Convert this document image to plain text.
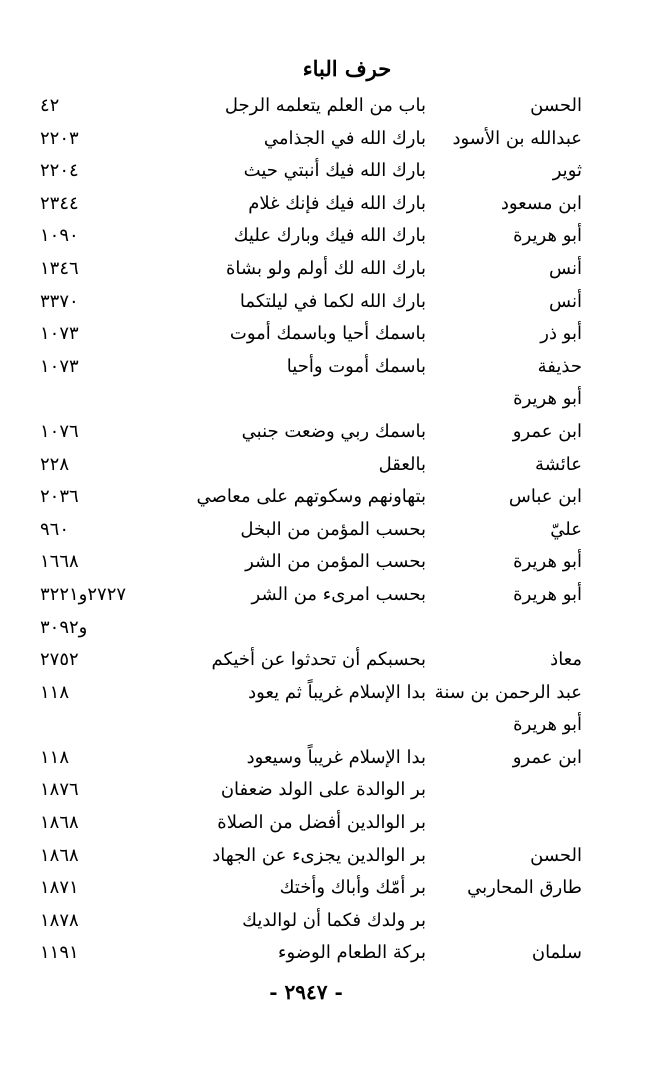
حرف الباء
الحسن
باب من العلم يتعلمه الرجل
٤٢
عبدالله بن الأسود
بارك الله في الجذامي
٢٢٠٣
ثوير
بارك الله فيك أنبتي حيث
٢٢٠٤
ابن مسعود
بارك الله فيك فإنك غلام
٢٣٤٤
أبو هريرة
بارك الله فيك وبارك عليك
١٠٩٠
أنس
بارك الله لك أولم ولو بشاة
١٣٤٦
أنس
بارك الله لكما في ليلتكما
٣٣٧٠
أبو ذر
باسمك أحيا وباسمك أموت
١٠٧٣
حذيفة
باسمك أموت وأحيا
١٠٧٣
أبو هريرة
ابن عمرو
باسمك ربي وضعت جنبي
١٠٧٦
عائشة
بالعقل
٢٢٨
ابن عباس
بتهاونهم وسكوتهم على معاصي
٢٠٣٦
عليّ
بحسب المؤمن من البخل
٩٦٠
أبو هريرة
بحسب المؤمن من الشر
١٦٦٨
أبو هريرة
بحسب امرىء من الشر
٢٧٢٧و٣٢٢١
و٣٠٩٢
معاذ
بحسبكم أن تحدثوا عن أخيكم
٢٧٥٢
عبد الرحمن بن سنة
بدا الإسلام غريباً ثم يعود
١١٨
أبو هريرة
ابن عمرو
بدا الإسلام غريباً وسيعود
١١٨
بر الوالدة على الولد ضعفان
١٨٧٦
بر الوالدين أفضل من الصلاة
١٨٦٨
الحسن
بر الوالدين يجزىء عن الجهاد
١٨٦٨
طارق المحاربي
بر أمّك وأباك وأختك
١٨٧١
بر ولدك فكما أن لوالديك
١٨٧٨
سلمان
بركة الطعام الوضوء
١١٩١
- ٢٩٤٧ -
